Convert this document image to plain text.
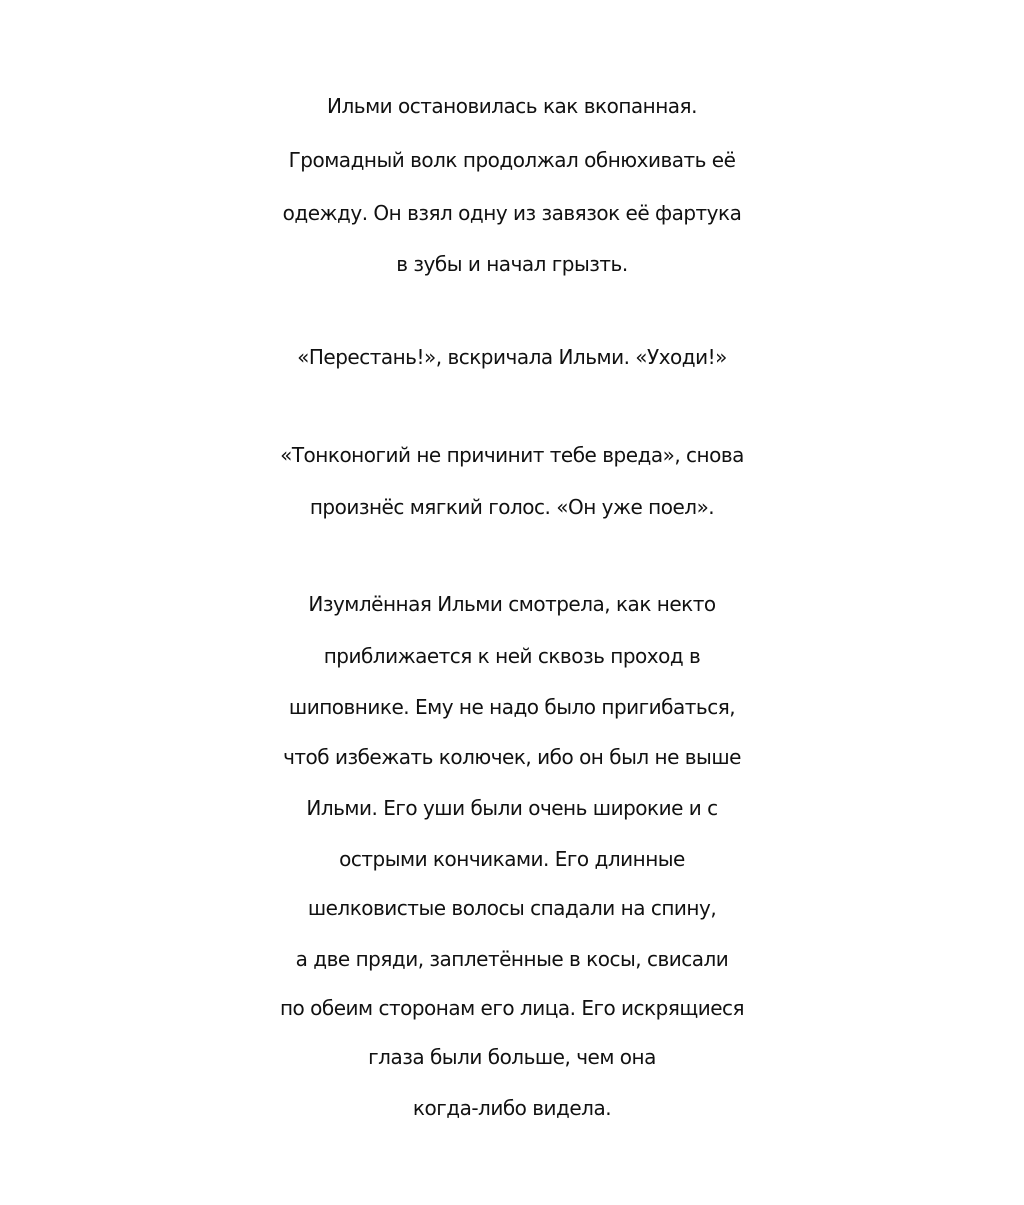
Ильми остановилась как вкопанная.
Громадный волк продолжал обнюхивать её
одежду. Он взял одну из завязок её фартука
в зубы и начал грызть.
«Перестань!», вскричала Ильми. «Уходи!»
«Тонконогий не причинит тебе вреда», снова
произнёс мягкий голос. «Он уже поел».
Изумлённая Ильми смотрела, как некто
приближается к ней сквозь проход в
шиповнике. Ему не надо было пригибаться,
чтоб избежать колючек, ибо он был не выше
Ильми. Его уши были очень широкие и с
острыми кончиками. Его длинные
шелковистые волосы спадали на спину,
а две пряди, заплетённые в косы, свисали
по обеим сторонам его лица. Его искрящиеся
глаза были больше, чем она
когда-либо видела.
